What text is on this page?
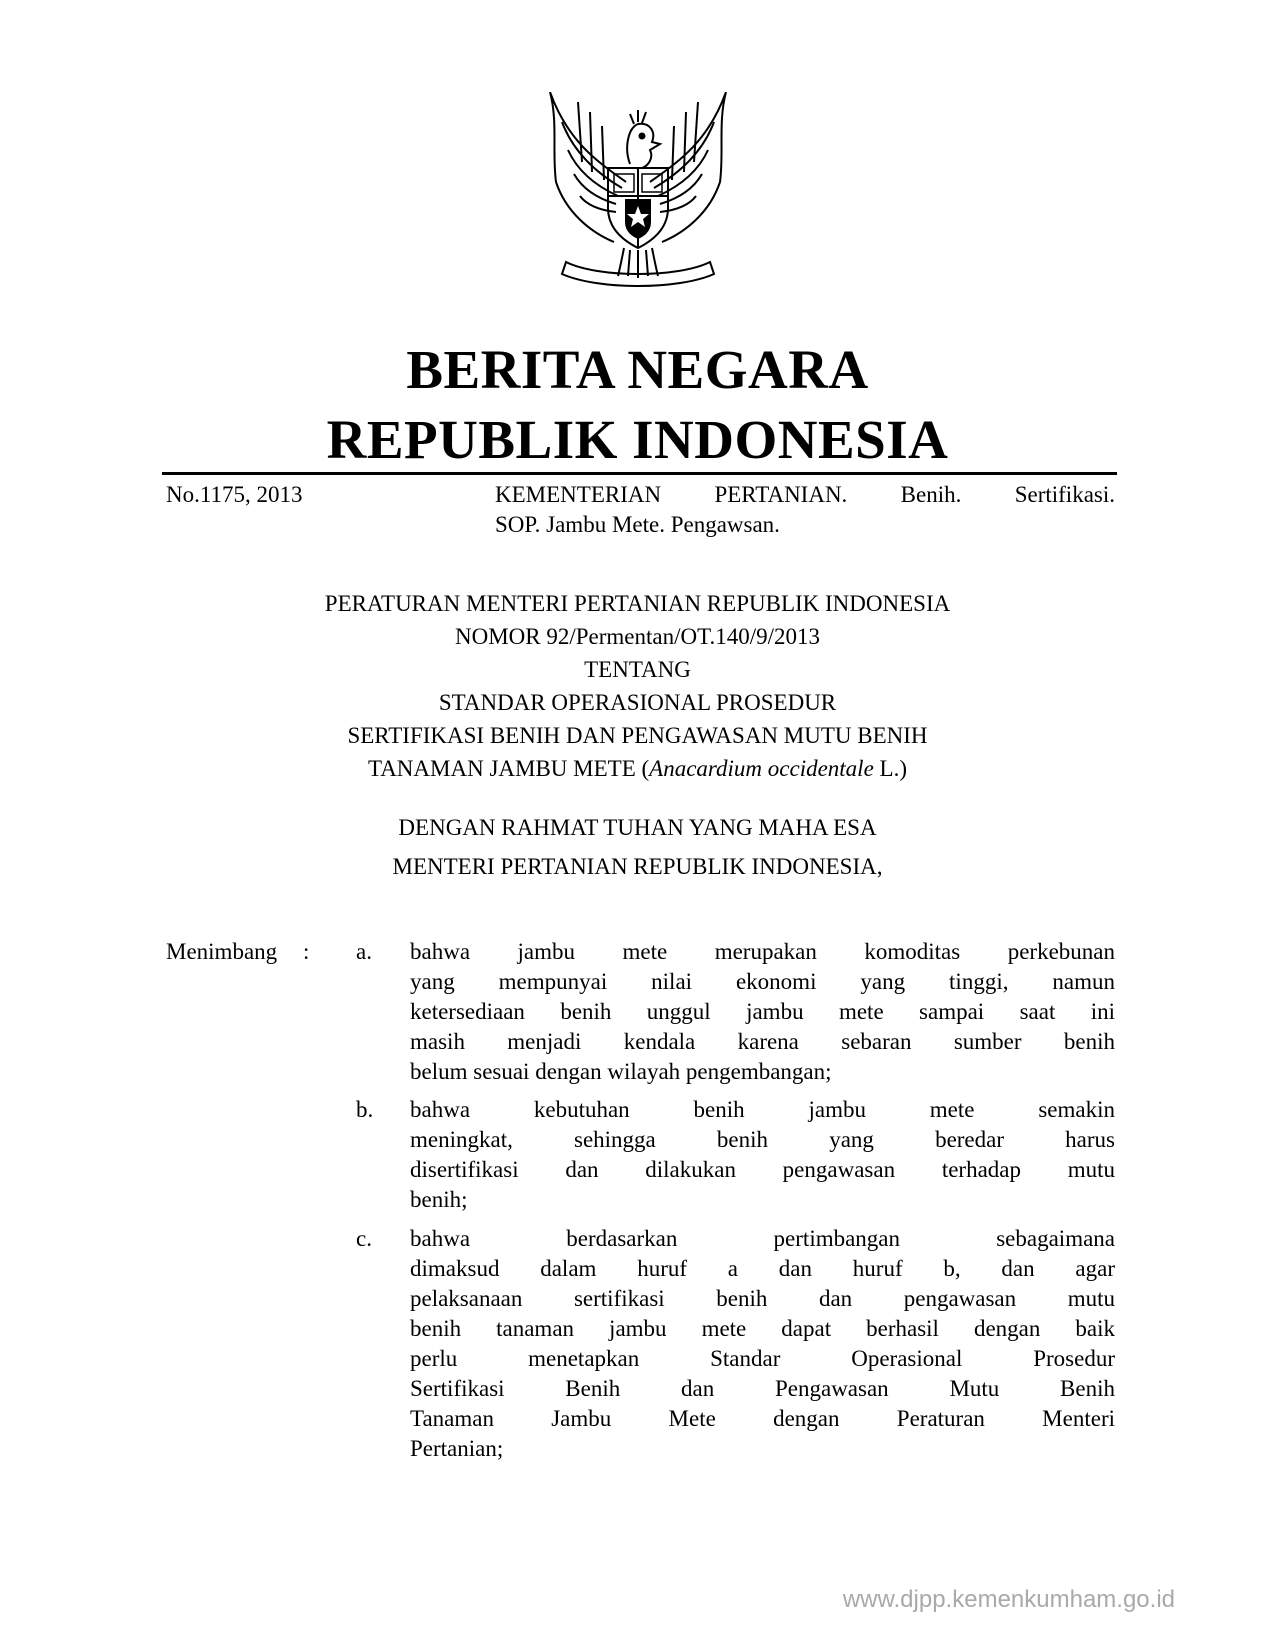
BERITA NEGARA
REPUBLIK INDONESIA
No.1175, 2013	KEMENTERIAN PERTANIAN. Benih. Sertifikasi.
SOP. Jambu Mete. Pengawsan.
PERATURAN MENTERI PERTANIAN REPUBLIK INDONESIA
NOMOR 92/Permentan/OT.140/9/2013
TENTANG
STANDAR OPERASIONAL PROSEDUR
SERTIFIKASI BENIH DAN PENGAWASAN MUTU BENIH
TANAMAN JAMBU METE (Anacardium occidentale L.)
DENGAN RAHMAT TUHAN YANG MAHA ESA
MENTERI PERTANIAN REPUBLIK INDONESIA,
Menimbang : a. bahwa jambu mete merupakan komoditas perkebunan
yang mempunyai nilai ekonomi yang tinggi, namun
ketersediaan benih unggul jambu mete sampai saat ini
masih menjadi kendala karena sebaran sumber benih
belum sesuai dengan wilayah pengembangan;
b. bahwa kebutuhan benih jambu mete semakin
meningkat, sehingga benih yang beredar harus
disertifikasi dan dilakukan pengawasan terhadap mutu
benih;
c. bahwa berdasarkan pertimbangan sebagaimana
dimaksud dalam huruf a dan huruf b, dan agar
pelaksanaan sertifikasi benih dan pengawasan mutu
benih tanaman jambu mete dapat berhasil dengan baik
perlu menetapkan Standar Operasional Prosedur
Sertifikasi Benih dan Pengawasan Mutu Benih
Tanaman Jambu Mete dengan Peraturan Menteri
Pertanian;
www.djpp.kemenkumham.go.id
